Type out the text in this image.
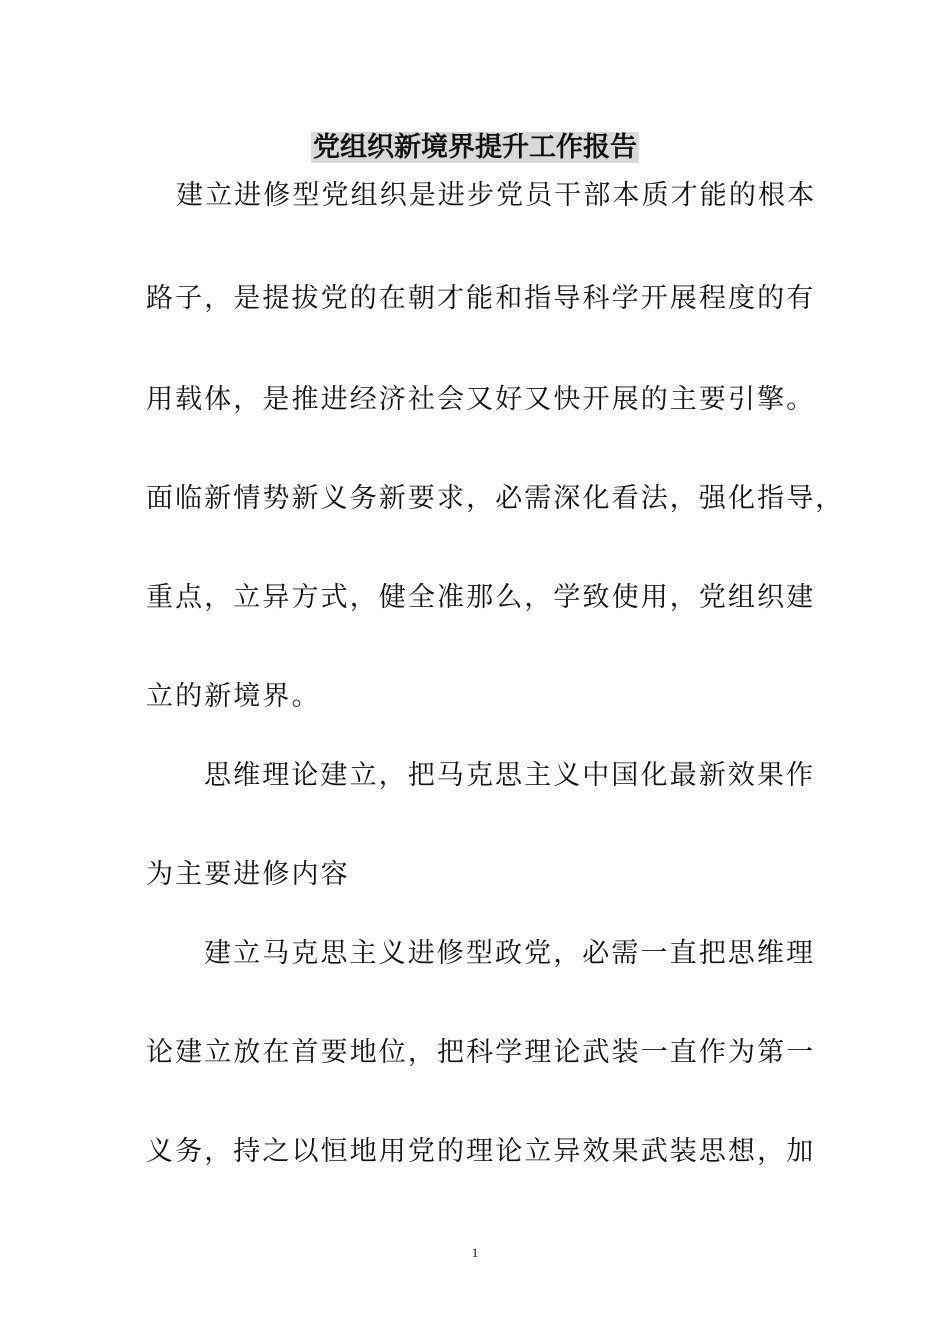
党组织新境界提升工作报告
建立进修型党组织是进步党员干部本质才能的根本
路子，是提拔党的在朝才能和指导科学开展程度的有
用载体，是推进经济社会又好又快开展的主要引擎。
面临新情势新义务新要求，必需深化看法，强化指导，
重点，立异方式，健全准那么，学致使用，党组织建
立的新境界。
思维理论建立，把马克思主义中国化最新效果作
为主要进修内容
建立马克思主义进修型政党，必需一直把思维理
论建立放在首要地位，把科学理论武装一直作为第一
义务，持之以恒地用党的理论立异效果武装思想，加
1
